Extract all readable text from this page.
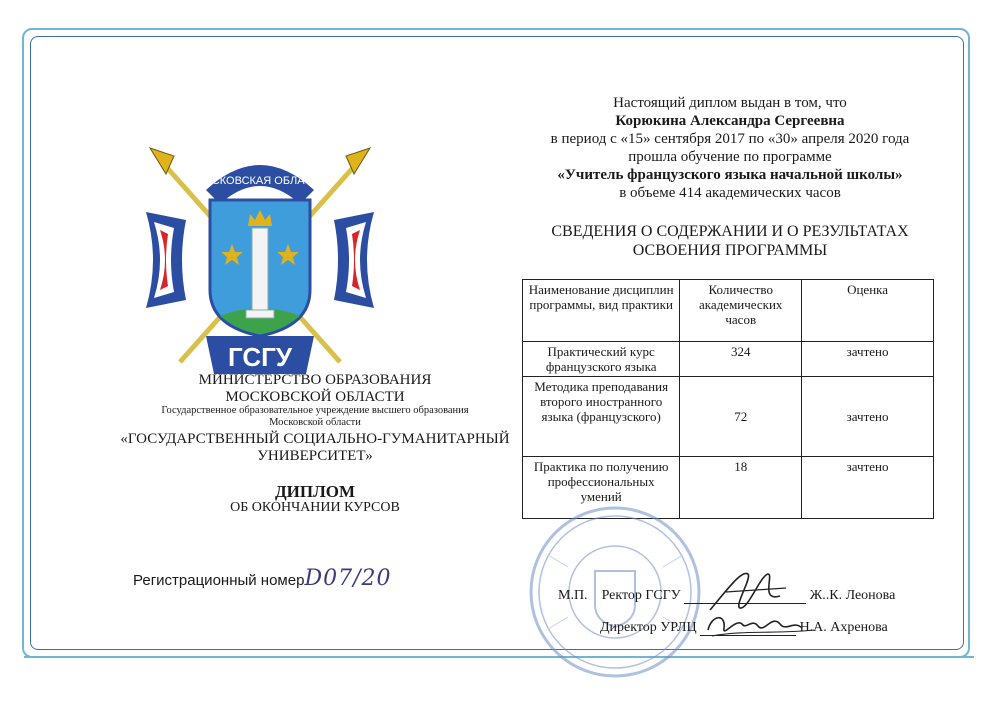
МОСКОВСКАЯ ОБЛАСТЬ
ГСГУ
МИНИСТЕРСТВО ОБРАЗОВАНИЯ
МОСКОВСКОЙ ОБЛАСТИ
Государственное образовательное учреждение высшего образования
Московской области
«ГОСУДАРСТВЕННЫЙ СОЦИАЛЬНО-ГУМАНИТАРНЫЙ
УНИВЕРСИТЕТ»
ДИПЛОМ
ОБ ОКОНЧАНИИ КУРСОВ
Регистрационный номерD07/20
Настоящий диплом выдан в том, что
Корюкина Александра Сергеевна
в период с «15» сентября 2017 по «30» апреля 2020 года
прошла обучение по программе
«Учитель французского языка начальной школы»
в объеме 414 академических часов
СВЕДЕНИЯ О СОДЕРЖАНИИ И О РЕЗУЛЬТАТАХ
ОСВОЕНИЯ ПРОГРАММЫ
Наименование дисциплин программы, вид практики	Количество академических часов	Оценка
Практический курс французского языка	324	зачтено
Методика преподавания второго иностранного языка (французского)	72	зачтено
Практика по получению профессиональных умений	18	зачтено
М.П. Ректор ГСГУ	Ж..К. Леонова
Директор УРЛЦ	Н.А. Ахренова
